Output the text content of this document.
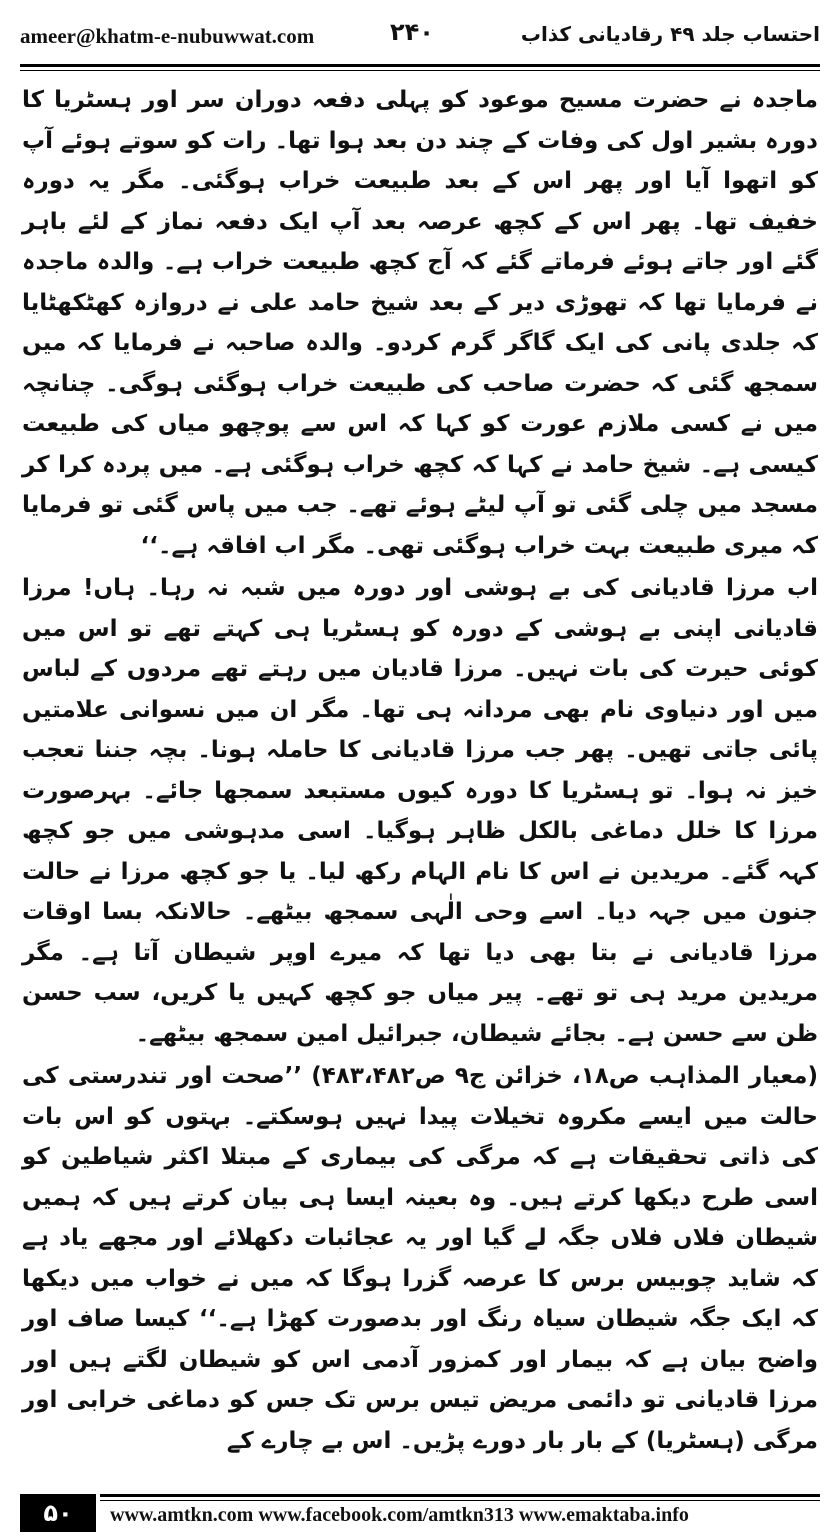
ameer@khatm-e-nubuwwat.com	۲۴۰	احتساب جلد ۴۹ رقادیانی کذاب

ماجدہ نے حضرت مسیح موعود کو پہلی دفعہ دوران سر اور ہسٹریا کا دورہ بشیر اول کی وفات کے چند دن بعد ہوا تھا۔ رات کو سوتے ہوئے آپ کو اتھوا آیا اور پھر اس کے بعد طبیعت خراب ہوگئی۔ مگر یہ دورہ خفیف تھا۔ پھر اس کے کچھ عرصہ بعد آپ ایک دفعہ نماز کے لئے باہر گئے اور جاتے ہوئے فرماتے گئے کہ آج کچھ طبیعت خراب ہے۔ والدہ ماجدہ نے فرمایا تھا کہ تھوڑی دیر کے بعد شیخ حامد علی نے دروازہ کھٹکھٹایا کہ جلدی پانی کی ایک گاگر گرم کردو۔ والدہ صاحبہ نے فرمایا کہ میں سمجھ گئی کہ حضرت صاحب کی طبیعت خراب ہوگئی ہوگی۔ چنانچہ میں نے کسی ملازم عورت کو کہا کہ اس سے پوچھو میاں کی طبیعت کیسی ہے۔ شیخ حامد نے کہا کہ کچھ خراب ہوگئی ہے۔ میں پردہ کرا کر مسجد میں چلی گئی تو آپ لیٹے ہوئے تھے۔ جب میں پاس گئی تو فرمایا کہ میری طبیعت بہت خراب ہوگئی تھی۔ مگر اب افاقہ ہے۔‘‘

اب مرزا قادیانی کی بے ہوشی اور دورہ میں شبہ نہ رہا۔ ہاں! مرزا قادیانی اپنی بے ہوشی کے دورہ کو ہسٹریا ہی کہتے تھے تو اس میں کوئی حیرت کی بات نہیں۔ مرزا قادیان میں رہتے تھے مردوں کے لباس میں اور دنیاوی نام بھی مردانہ ہی تھا۔ مگر ان میں نسوانی علامتیں پائی جاتی تھیں۔ پھر جب مرزا قادیانی کا حاملہ ہونا۔ بچہ جننا تعجب خیز نہ ہوا۔ تو ہسٹریا کا دورہ کیوں مستبعد سمجھا جائے۔ بہرصورت مرزا کا خلل دماغی بالکل ظاہر ہوگیا۔ اسی مدہوشی میں جو کچھ کہہ گئے۔ مریدین نے اس کا نام الہام رکھ لیا۔ یا جو کچھ مرزا نے حالت جنون میں جہہ دیا۔ اسے وحی الٰہی سمجھ بیٹھے۔ حالانکہ بسا اوقات مرزا قادیانی نے بتا بھی دیا تھا کہ میرے اوپر شیطان آتا ہے۔ مگر مریدین مرید ہی تو تھے۔ پیر میاں جو کچھ کہیں یا کریں، سب حسن ظن سے حسن ہے۔ بجائے شیطان، جبرائیل امین سمجھ بیٹھے۔

(معیار المذاہب ص۱۸، خزائن ج۹ ص۴۸۳،۴۸۲) ’’صحت اور تندرستی کی حالت میں ایسے مکروہ تخیلات پیدا نہیں ہوسکتے۔ بہتوں کو اس بات کی ذاتی تحقیقات ہے کہ مرگی کی بیماری کے مبتلا اکثر شیاطین کو اسی طرح دیکھا کرتے ہیں۔ وہ بعینہ ایسا ہی بیان کرتے ہیں کہ ہمیں شیطان فلاں فلاں جگہ لے گیا اور یہ عجائبات دکھلائے اور مجھے یاد ہے کہ شاید چوبیس برس کا عرصہ گزرا ہوگا کہ میں نے خواب میں دیکھا کہ ایک جگہ شیطان سیاہ رنگ اور بدصورت کھڑا ہے۔‘‘ کیسا صاف اور واضح بیان ہے کہ بیمار اور کمزور آدمی اس کو شیطان لگتے ہیں اور مرزا قادیانی تو دائمی مریض تیس برس تک جس کو دماغی خرابی اور مرگی (ہسٹریا) کے بار بار دورے پڑیں۔ اس بے چارے کے

۵۰	www.amtkn.com www.facebook.com/amtkn313 www.emaktaba.info
